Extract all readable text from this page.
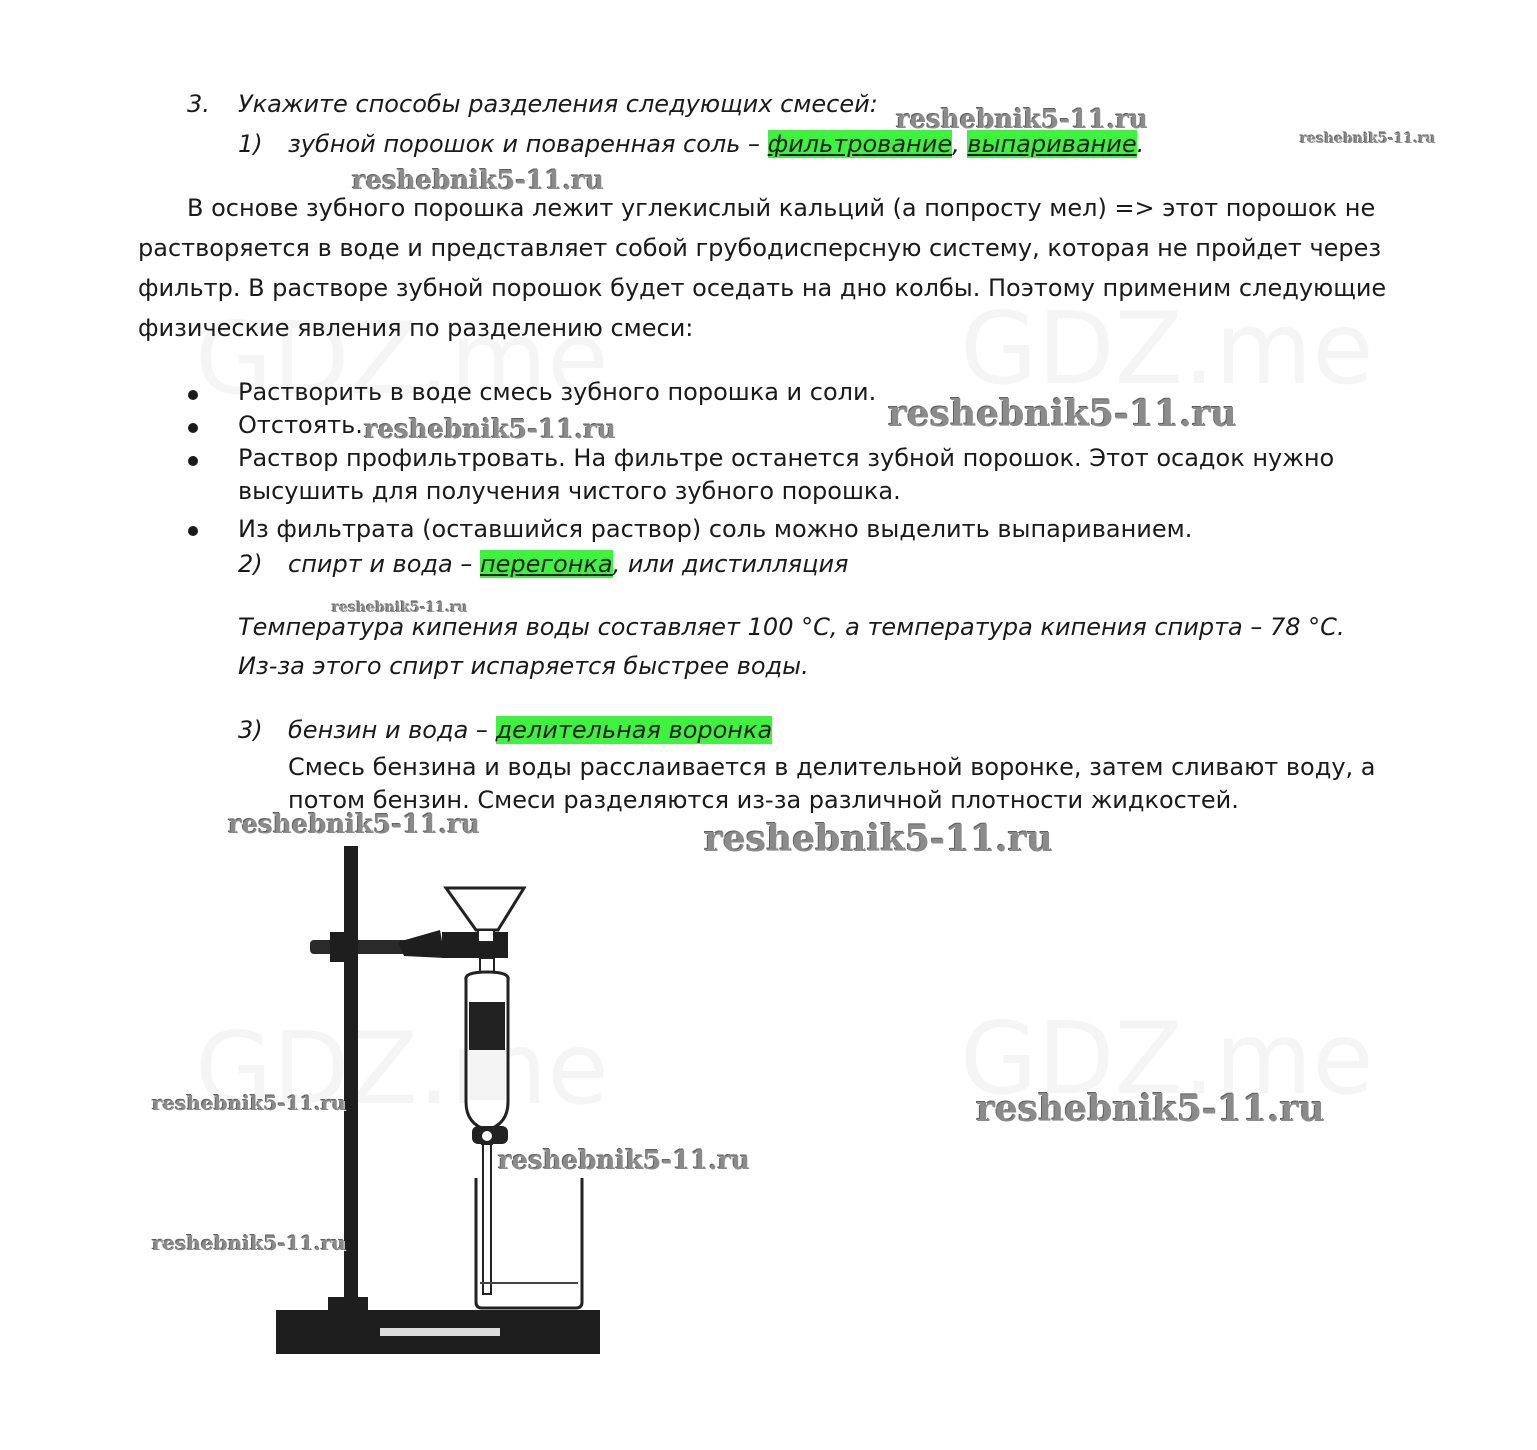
3. Укажите способы разделения следующих смесей:
1) зубной порошок и поваренная соль – фильтрование, выпаривание.
В основе зубного порошка лежит углекислый кальций (а попросту мел) => этот порошок не
растворяется в воде и представляет собой грубодисперсную систему, которая не пройдет через
фильтр. В растворе зубной порошок будет оседать на дно колбы. Поэтому применим следующие
физические явления по разделению смеси:
Растворить в воде смесь зубного порошка и соли.
Отстоять.
Раствор профильтровать. На фильтре останется зубной порошок. Этот осадок нужно
высушить для получения чистого зубного порошка.
Из фильтрата (оставшийся раствор) соль можно выделить выпариванием.
2) спирт и вода – перегонка, или дистилляция
Температура кипения воды составляет 100 °С, а температура кипения спирта – 78 °С.
Из-за этого спирт испаряется быстрее воды.
3) бензин и вода – делительная воронка
Смесь бензина и воды расслаивается в делительной воронке, затем сливают воду, а
потом бензин. Смеси разделяются из-за различной плотности жидкостей.
reshebnik5-11.ru
reshebnik5-11.ru
reshebnik5-11.ru
reshebnik5-11.ru
reshebnik5-11.ru
reshebnik5-11.ru
reshebnik5-11.ru	reshebnik5-11.ru
reshebnik5-11.ru
reshebnik5-11.ru
reshebnik5-11.ru
reshebnik5-11.ru
